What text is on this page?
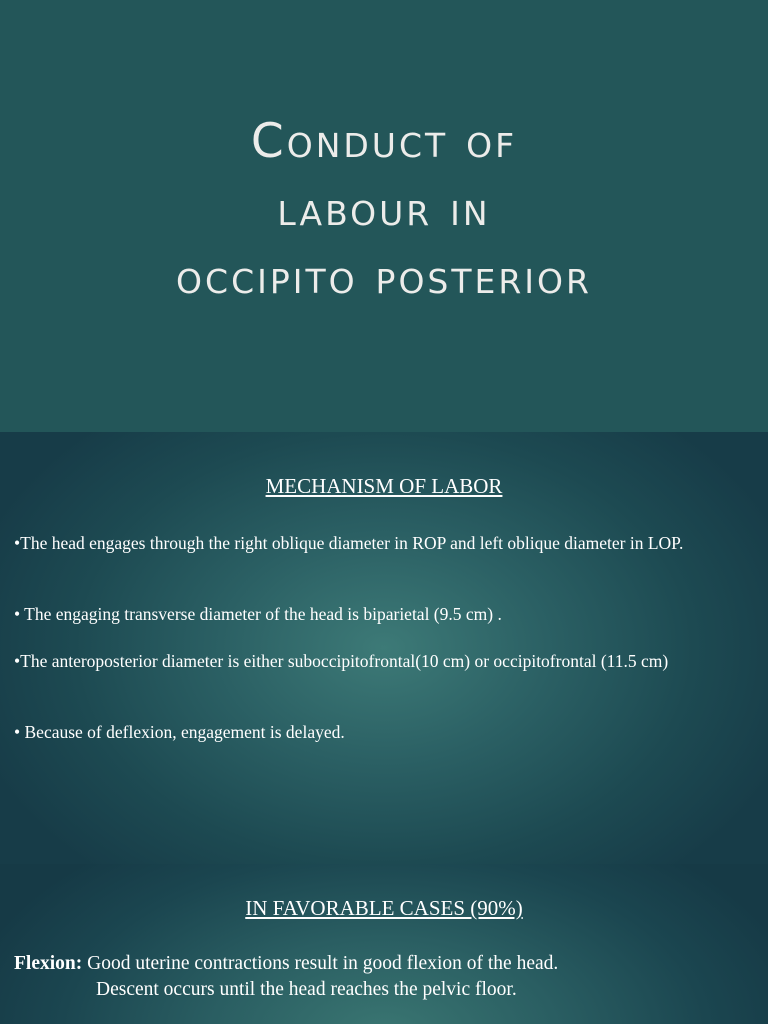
Conduct of
labour in
occipito posterior
MECHANISM OF LABOR
•The head engages through the right oblique diameter in ROP and left oblique diameter in LOP.
• The engaging transverse diameter of the head is biparietal (9.5 cm) .
•The anteroposterior diameter is either suboccipitofrontal(10 cm) or occipitofrontal (11.5 cm)
• Because of deflexion, engagement is delayed.
IN FAVORABLE CASES (90%)
Flexion: Good uterine contractions result in good flexion of the head.
Descent occurs until the head reaches the pelvic floor.
